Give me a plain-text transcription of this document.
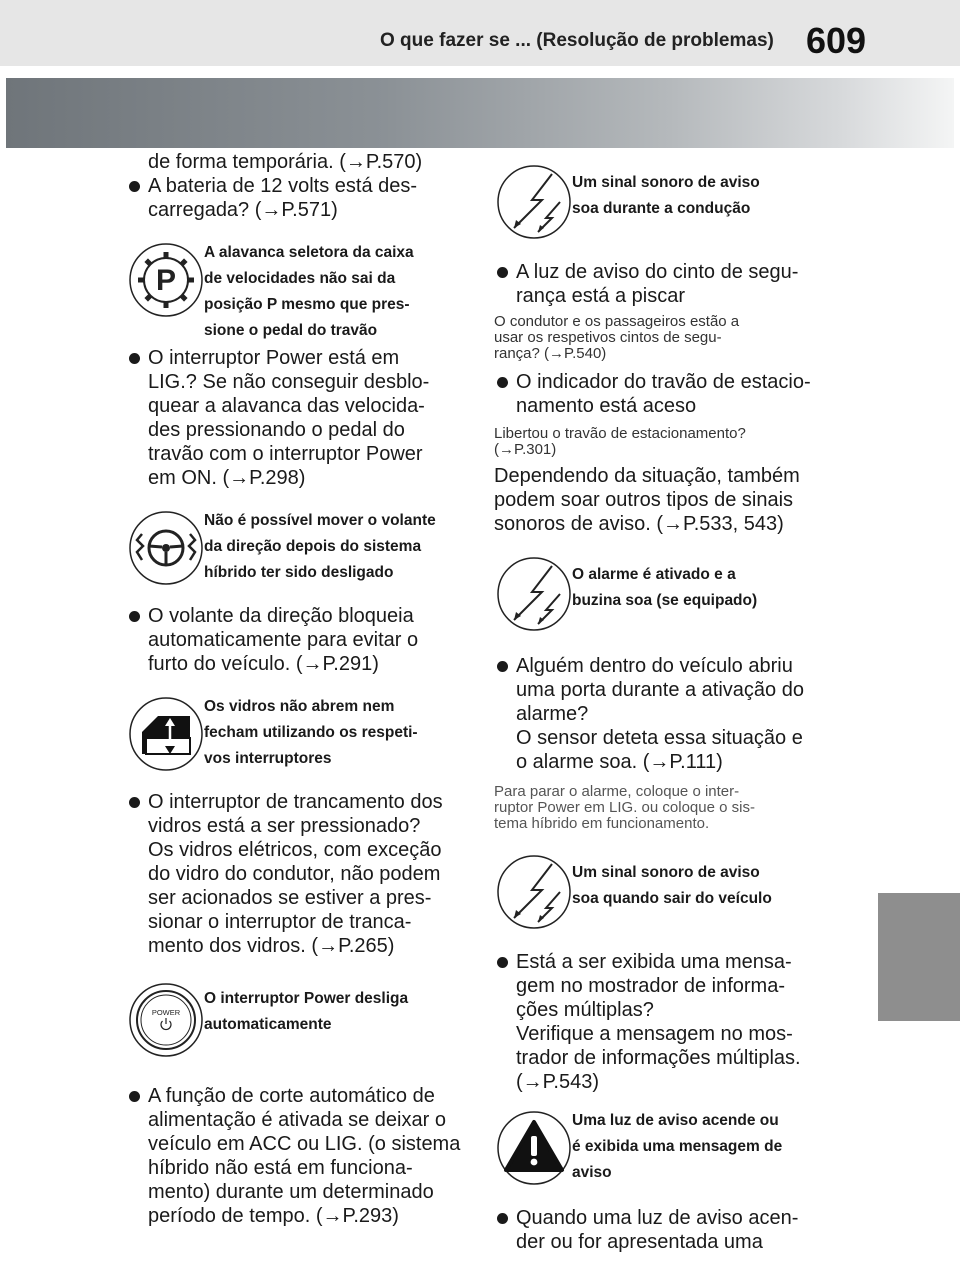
O que fazer se ... (Resolução de problemas) 609

de forma temporária. (→P.570)

A bateria de 12 volts está des-
carregada? (→P.571)
P
A alavanca seletora da caixa
de velocidades não sai da
posição P mesmo que pres-
sione o pedal do travão
O interruptor Power está em
LIG.? Se não conseguir desblo-
quear a alavanca das velocida-
des pressionando o pedal do
travão com o interruptor Power
em ON. (→P.298)
Não é possível mover o volante
da direção depois do sistema
híbrido ter sido desligado
O volante da direção bloqueia
automaticamente para evitar o
furto do veículo. (→P.291)
Os vidros não abrem nem
fecham utilizando os respeti-
vos interruptores
O interruptor de trancamento dos
vidros está a ser pressionado?
Os vidros elétricos, com exceção
do vidro do condutor, não podem
ser acionados se estiver a pres-
sionar o interruptor de tranca-
mento dos vidros. (→P.265)
POWER
O interruptor Power desliga
automaticamente
A função de corte automático de
alimentação é ativada se deixar o
veículo em ACC ou LIG. (o sistema
híbrido não está em funciona-
mento) durante um determinado
período de tempo. (→P.293)
Um sinal sonoro de aviso
soa durante a condução
A luz de aviso do cinto de segu-
rança está a piscar

O condutor e os passageiros estão a
usar os respetivos cintos de segu-
rança? (→P.540)

O indicador do travão de estacio-
namento está aceso

Libertou o travão de estacionamento?
(→P.301)

Dependendo da situação, também
podem soar outros tipos de sinais
sonoros de aviso. (→P.533, 543)

O alarme é ativado e a
buzina soa (se equipado)
Alguém dentro do veículo abriu
uma porta durante a ativação do
alarme?
O sensor deteta essa situação e
o alarme soa. (→P.111)

Para parar o alarme, coloque o inter-
ruptor Power em LIG. ou coloque o sis-
tema híbrido em funcionamento.

Um sinal sonoro de aviso
soa quando sair do veículo
Está a ser exibida uma mensa-
gem no mostrador de informa-
ções múltiplas?
Verifique a mensagem no mos-
trador de informações múltiplas.
(→P.543)
Uma luz de aviso acende ou
é exibida uma mensagem de
aviso
Quando uma luz de aviso acen-
der ou for apresentada uma
